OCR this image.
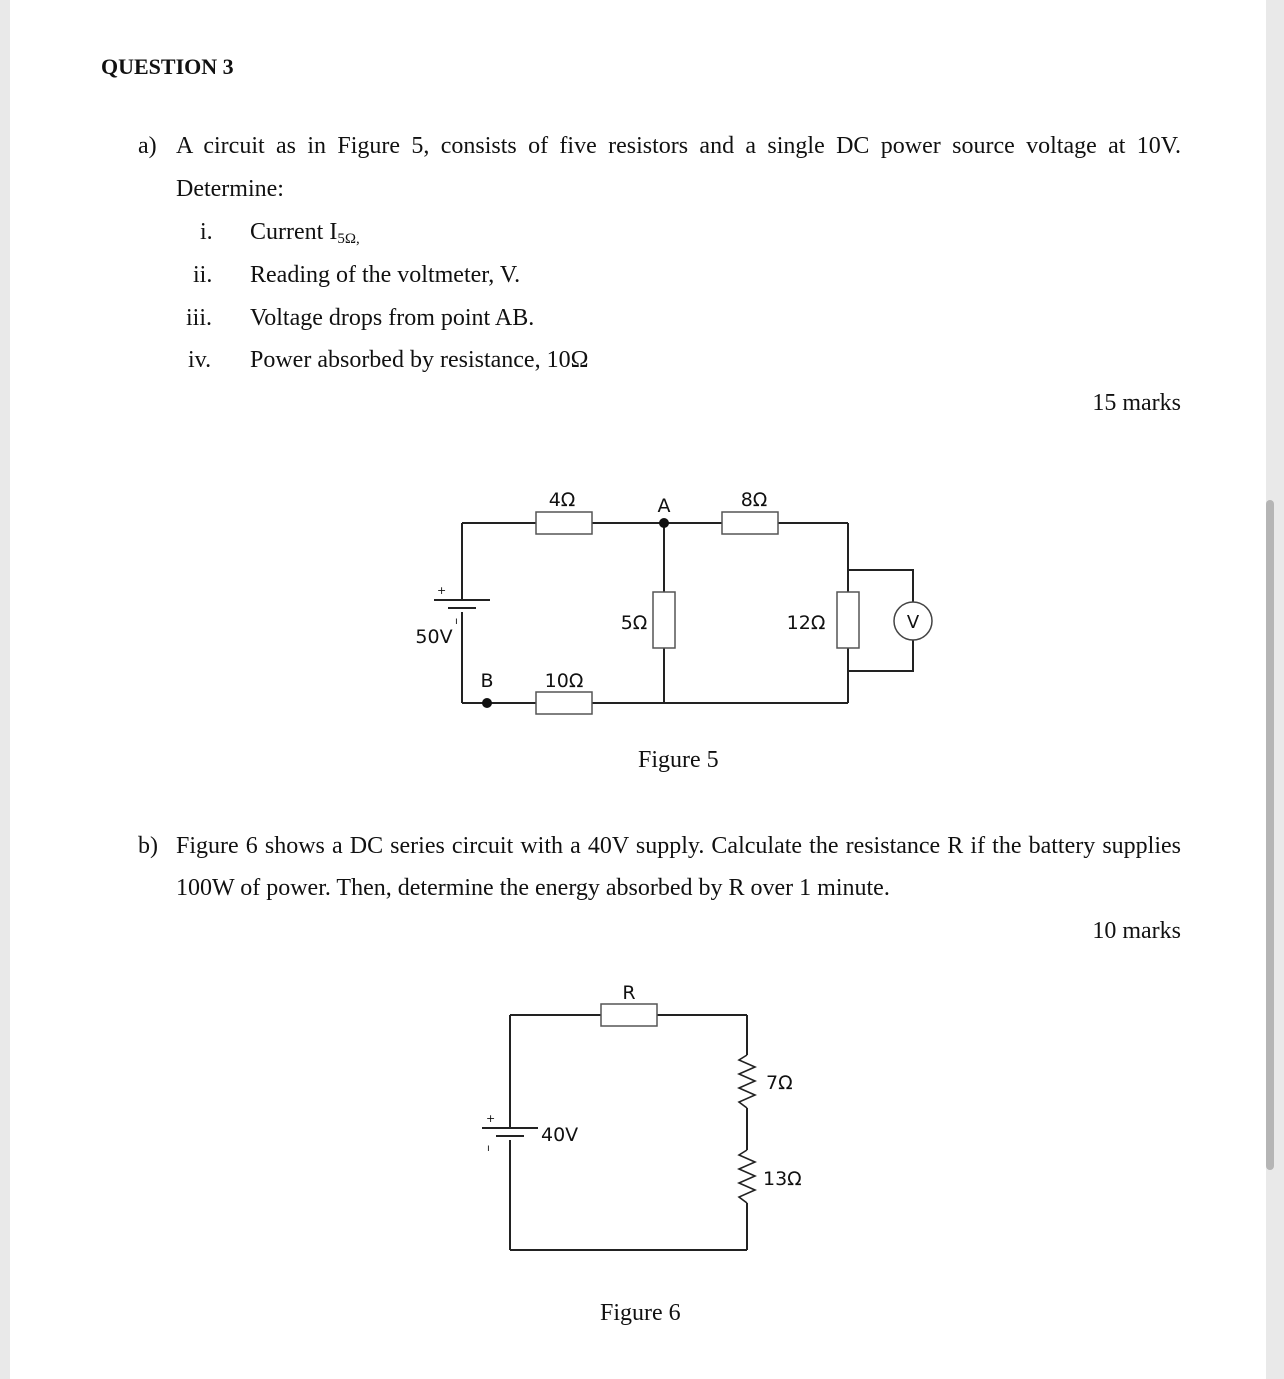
QUESTION 3
a) A circuit as in Figure 5, consists of five resistors and a single DC power source voltage at 10V.
Determine:
i. Current $I_{5\Omega,}$
ii. Reading of the voltmeter, V.
iii. Voltage drops from point AB.
iv. Power absorbed by resistance, 10Ω
15 marks
+
ı	V
4Ω	A	8Ω
5Ω	12Ω
50V
B	10Ω
Figure 5
b) Figure 6 shows a DC series circuit with a 40V supply. Calculate the resistance R if the battery supplies
100W of power. Then, determine the energy absorbed by R over 1 minute.
10 marks
+
ı
R
7Ω
13Ω
40V
Figure 6
